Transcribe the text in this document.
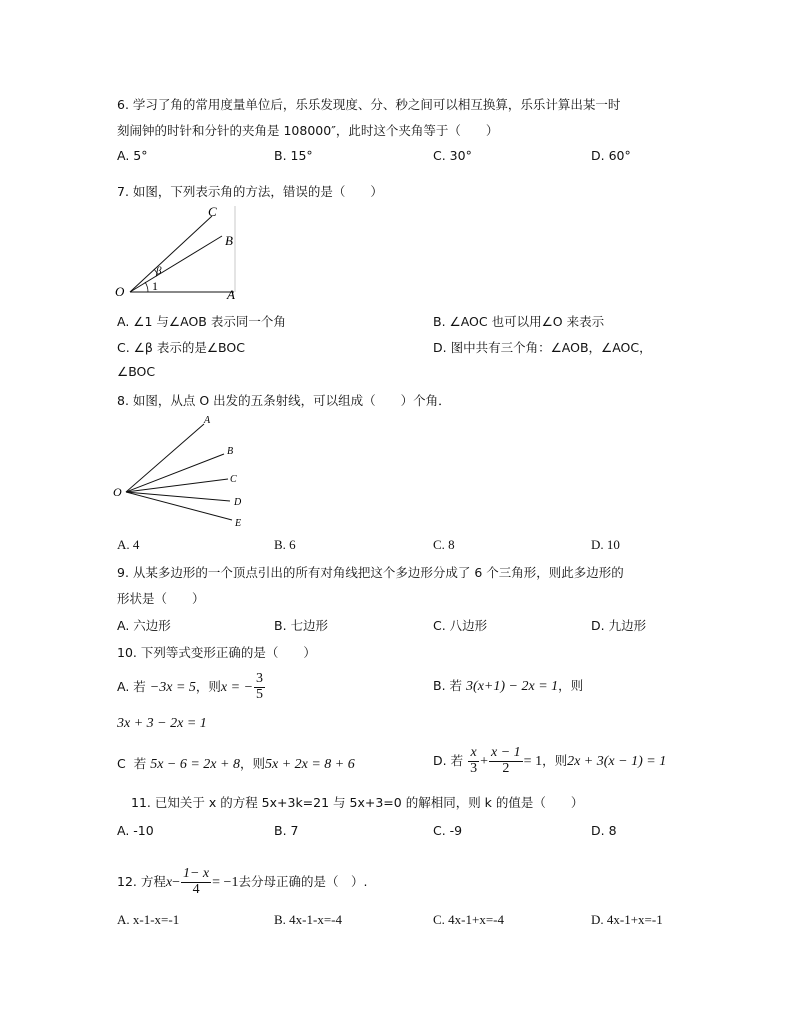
6. 学习了角的常用度量单位后，乐乐发现度、分、秒之间可以相互换算，乐乐计算出某一时
刻闹钟的时针和分针的夹角是 108000″，此时这个夹角等于（　　）
A. 5°	B. 15°	C. 30°	D. 60°
7. 如图，下列表示角的方法，错误的是（　　）
C
B
O	A
β
1
A. ∠1 与∠AOB 表示同一个角	B. ∠AOC 也可以用∠O 来表示
C. ∠β 表示的是∠BOC	D. 图中共有三个角：∠AOB，∠AOC，
∠BOC
8. 如图，从点 O 出发的五条射线，可以组成（　　）个角．
O
A
B
C
D
E
A. 4	B. 6	C. 8	D. 10
9. 从某多边形的一个顶点引出的所有对角线把这个多边形分成了 6 个三角形，则此多边形的
形状是（　　）
A. 六边形	B. 七边形	C. 八边形	D. 九边形
10. 下列等式变形正确的是（　　）
A. 若 −3x = 5，则x = − $\frac{3}{5}$	B. 若 3(x+1) − 2x = 1，则
3x + 3 − 2x = 1
C 若 5x − 6 = 2x + 8，则5x + 2x = 8 + 6	D. 若 $\frac{x}{3} + \frac{x - 1}{2} = 1$，则2x + 3(x − 1) = 1
11. 已知关于 x 的方程 5x+3k=21 与 5x+3=0 的解相同，则 k 的值是（　　）
A. -10	B. 7	C. -9	D. 8
12. 方程$x- \frac{1- x}{4} = -1$去分母正确的是（　）.
A. x-1-x=-1	B. 4x-1-x=-4	C. 4x-1+x=-4	D. 4x-1+x=-1
